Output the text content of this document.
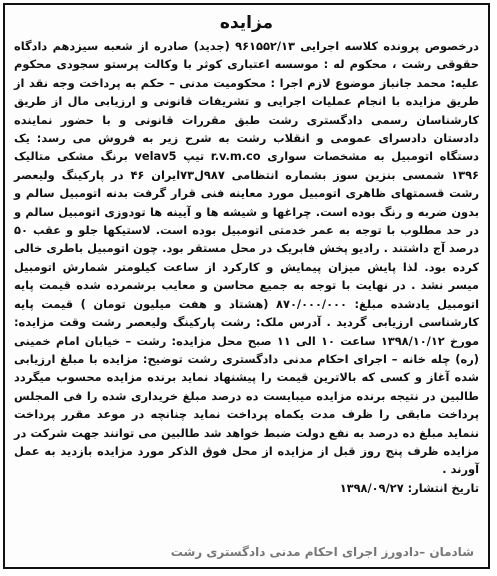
مزایده

درخصوص پرونده کلاسه اجرایی ۹۶۱۵۵۲/۱۳ (جدید) صادره از شعبه سیزدهم دادگاه حقوقی رشت ، محکوم له : موسسه اعتباری کوثر با وکالت پرستو سجودی محکوم علیه: محمد جانباز موضوع لازم اجرا : محکومیت مدنی – حکم به پرداخت وجه نقد از طریق مزایده با انجام عملیات اجرایی و تشریفات قانونی و ارزیابی مال از طریق کارشناسان رسمی دادگستری رشت طبق مقررات قانونی و با حضور نماینده دادستان دادسرای عمومی و انقلاب رشت به شرح زیر به فروش می رسد: یک دستگاه اتومبیل به مشخصات سواری r.v.m.co تیپ velav5 برنگ مشکی متالیک ۱۳۹۶ شمسی بنزین سوز بشماره انتظامی ۹۸۷ل۷۳ایران ۴۶ در پارکینگ ولیعصر رشت قسمتهای ظاهری اتومبیل مورد معاینه فنی قرار گرفت بدنه اتومبیل سالم و بدون ضربه و رنگ بوده است. چراغها و شیشه ها و آیینه ها تودوزی اتومبیل سالم و در حد مطلوب با توجه به عمر خدمتی اتومبیل بوده است. لاستیکها جلو و عقب ۵۰ درصد آج داشتند . رادیو پخش فابریک در محل مستقر بود. چون اتومبیل باطری خالی کرده بود. لذا پایش میزان پیمایش و کارکرد از ساعت کیلومتر شمارش اتومبیل میسر نشد . در نهایت با توجه به جمیع محاسن و معایب برشمرده شده قیمت پایه اتومبیل یادشده مبلغ: ۸۷۰/۰۰۰/۰۰۰ (هشتاد و هفت میلیون تومان ) قیمت پایه کارشناسی ارزیابی گردید . آدرس ملک: رشت پارکینگ ولیعصر رشت وقت مزایده: مورخ ۱۳۹۸/۱۰/۱۲ ساعت ۱۰ الی ۱۱ صبح محل مزایده: رشت – خیابان امام خمینی (ره) چله خانه – اجرای احکام مدنی دادگستری رشت توضیح: مزایده با مبلغ ارزیابی شده آغاز و کسی که بالاترین قیمت را پیشنهاد نماید برنده مزایده محسوب میگردد طالبین در نتیجه برنده مزایده میبایست ده درصد مبلغ خریداری شده را فی المجلس پرداخت مابقی را ظرف مدت یکماه پرداخت نماید چنانچه در موعد مقرر پرداخت ننماید مبلغ ده درصد به نفع دولت ضبط خواهد شد طالبین می توانند جهت شرکت در مزایده ظرف پنج روز قبل از مزایده از محل فوق الذکر مورد مزایده بازدید به عمل آورند .

تاریخ انتشار: ۱۳۹۸/۰۹/۲۷
شادمان –دادورز اجرای احکام مدنی دادگستری رشت
